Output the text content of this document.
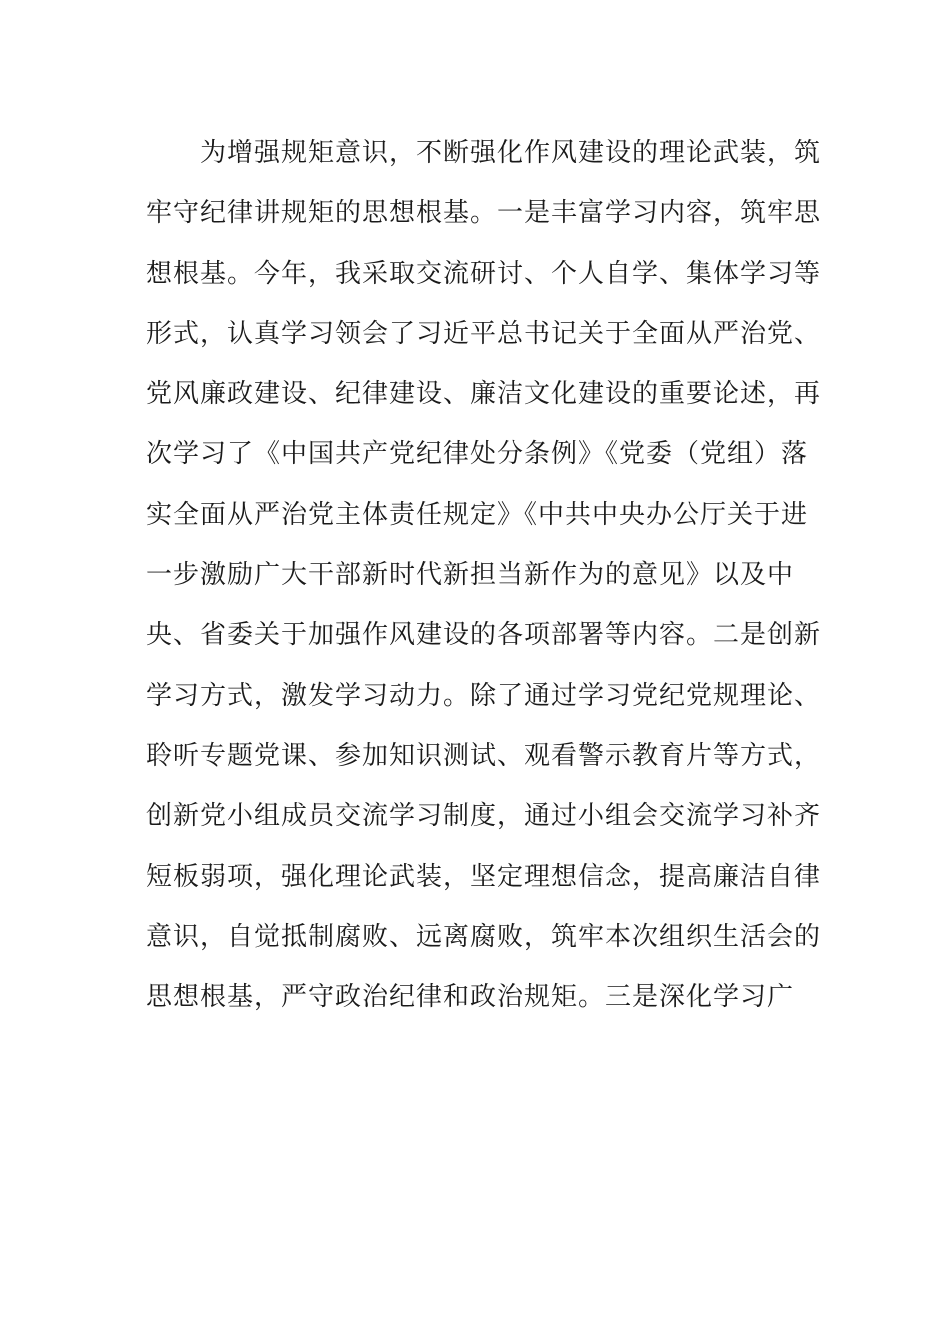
　　为增强规矩意识，不断强化作风建设的理论武装，筑
牢守纪律讲规矩的思想根基。一是丰富学习内容，筑牢思
想根基。今年，我采取交流研讨、个人自学、集体学习等
形式，认真学习领会了习近平总书记关于全面从严治党、
党风廉政建设、纪律建设、廉洁文化建设的重要论述，再
次学习了《中国共产党纪律处分条例》《党委（党组）落
实全面从严治党主体责任规定》《中共中央办公厅关于进
一步激励广大干部新时代新担当新作为的意见》以及中
央、省委关于加强作风建设的各项部署等内容。二是创新
学习方式，激发学习动力。除了通过学习党纪党规理论、
聆听专题党课、参加知识测试、观看警示教育片等方式，
创新党小组成员交流学习制度，通过小组会交流学习补齐
短板弱项，强化理论武装，坚定理想信念，提高廉洁自律
意识，自觉抵制腐败、远离腐败，筑牢本次组织生活会的
思想根基，严守政治纪律和政治规矩。三是深化学习广
